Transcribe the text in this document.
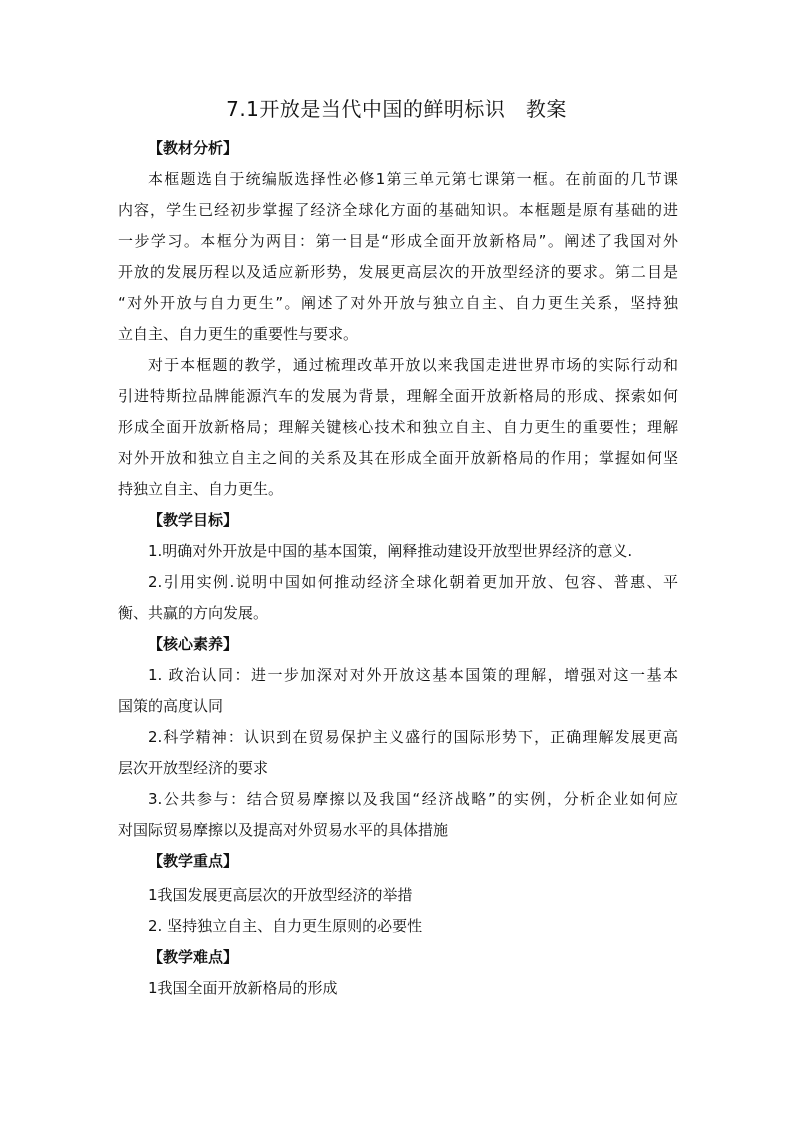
7.1开放是当代中国的鲜明标识　教案
【教材分析】
本框题选自于统编版选择性必修1第三单元第七课第一框。在前面的几节课
内容，学生已经初步掌握了经济全球化方面的基础知识。本框题是原有基础的进
一步学习。本框分为两目：第一目是“形成全面开放新格局”。阐述了我国对外
开放的发展历程以及适应新形势，发展更高层次的开放型经济的要求。第二目是
“对外开放与自力更生”。阐述了对外开放与独立自主、自力更生关系，坚持独
立自主、自力更生的重要性与要求。
对于本框题的教学，通过梳理改革开放以来我国走进世界市场的实际行动和
引进特斯拉品牌能源汽车的发展为背景，理解全面开放新格局的形成、探索如何
形成全面开放新格局；理解关键核心技术和独立自主、自力更生的重要性；理解
对外开放和独立自主之间的关系及其在形成全面开放新格局的作用；掌握如何坚
持独立自主、自力更生。
【教学目标】
1.明确对外开放是中国的基本国策，阐释推动建设开放型世界经济的意义.
2.引用实例.说明中国如何推动经济全球化朝着更加开放、包容、普惠、平
衡、共赢的方向发展。
【核心素养】
1. 政治认同：进一步加深对对外开放这基本国策的理解，增强对这一基本
国策的高度认同
2.科学精神：认识到在贸易保护主义盛行的国际形势下，正确理解发展更高
层次开放型经济的要求
3.公共参与：结合贸易摩擦以及我国“经济战略”的实例，分析企业如何应
对国际贸易摩擦以及提高对外贸易水平的具体措施
【教学重点】
1我国发展更高层次的开放型经济的举措
2. 坚持独立自主、自力更生原则的必要性
【教学难点】
1我国全面开放新格局的形成
